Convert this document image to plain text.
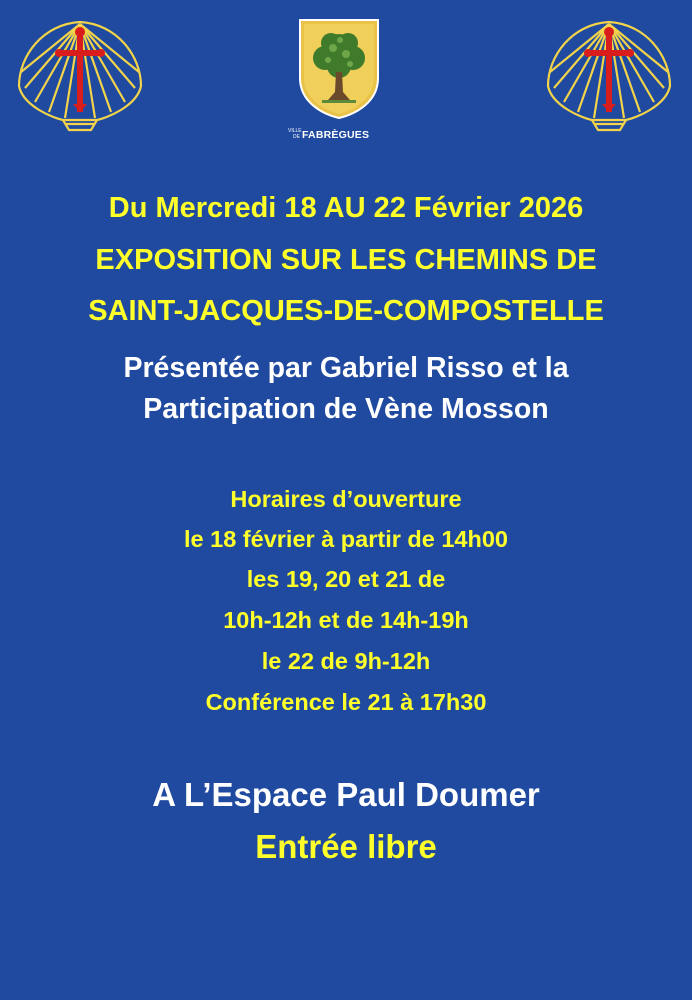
VILLE
DE FABRÈGUES
Du Mercredi 18 AU 22 Février 2026
EXPOSITION SUR LES CHEMINS DE
SAINT-JACQUES-DE-COMPOSTELLE
Présentée par Gabriel Risso et la
Participation de Vène Mosson
Horaires d’ouverture
le 18 février à partir de 14h00
les 19, 20 et 21 de
10h-12h et de 14h-19h
le 22 de 9h-12h
Conférence le 21 à 17h30
A L’Espace Paul Doumer
Entrée libre
